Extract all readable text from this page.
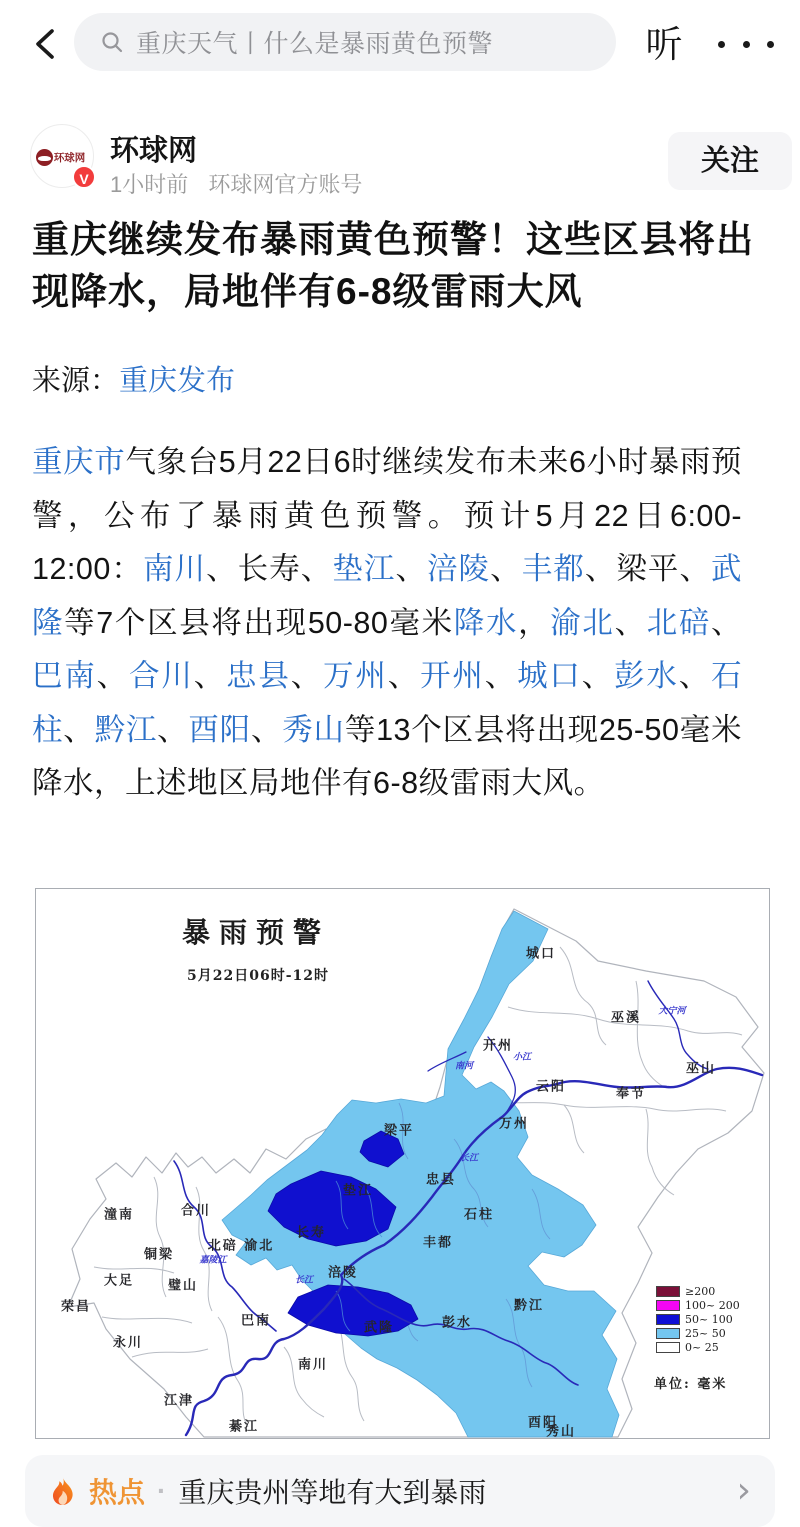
重庆天气丨什么是暴雨黄色预警	听
环球网
V
环球网
1小时前 环球网官方账号
关注
重庆继续发布暴雨黄色预警！这些区县将出现降水，局地伴有6-8级雷雨大风
来源：重庆发布
重庆市气象台5月22日6时继续发布未来6小时暴雨预警，公布了暴雨黄色预警。预计5月22日6:00-12:00：南川、长寿、垫江、涪陵、丰都、梁平、武隆等7个区县将出现50-80毫米降水，渝北、北碚、巴南、合川、忠县、万州、开州、城口、彭水、石柱、黔江、酉阳、秀山等13个区县将出现25-50毫米降水，上述地区局地伴有6-8级雷雨大风。
暴雨预警
5月22日06时-12时
城口
巫溪 大宁河
开州
南河
小江
云阳	奉节
巫山
万州
梁平
忠县
长江
石柱
垫江
长寿
丰都
长江 涪陵
潼南	合川
铜梁
大足	璧山
北碚 渝北
嘉陵江
荣昌
永川
巴南
南川
江津
綦江
武隆	彭水
黔江
酉阳
秀山
≥200
100~ 200
50~ 100
25~ 50
0~ 25
单位: 毫米
热点 · 重庆贵州等地有大到暴雨	›
